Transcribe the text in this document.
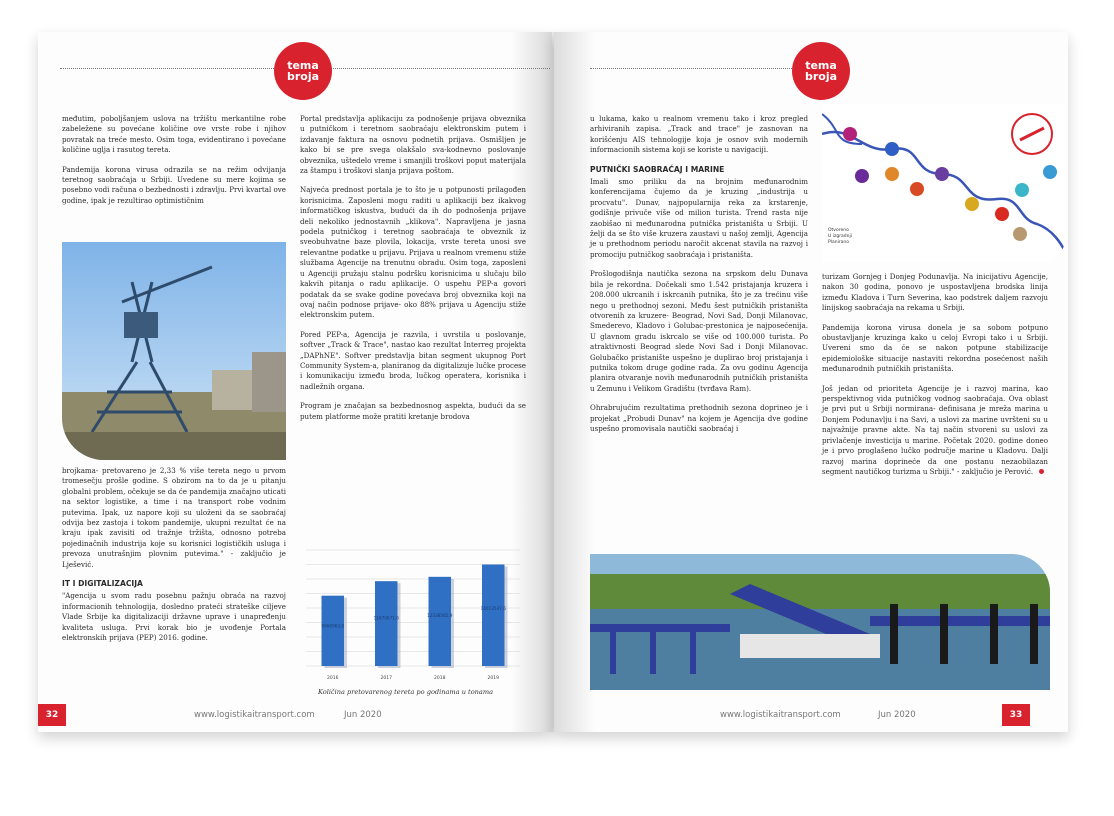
tema broja

međutim, poboljšanjem uslova na tržištu merkantilne robe zabeležene su povećane količine ove vrste robe i njihov povratak na treće mesto. Osim toga, evidentirano i povećane količine uglja i rasutog tereta.

Pandemija korona virusa odrazila se na režim odvijanja teretnog saobraćaja u Srbiji. Uvedene su mere kojima se posebno vodi računa o bezbednosti i zdravlju. Prvi kvartal ove godine, ipak je rezultirao optimističnim

brojkama- pretovareno je 2,33 % više tereta nego u prvom tromesečju prošle godine. S obzirom na to da je u pitanju globalni problem, očekuje se da će pandemija značajno uticati na sektor logistike, a time i na transport robe vodnim putevima. Ipak, uz napore koji su uloženi da se saobraćaj odvija bez zastoja i tokom pandemije, ukupni rezultat će na kraju ipak zavisiti od tražnje tržišta, odnosno potreba pojedinačnih industrija koje su korisnici logističkih usluga i prevoza unutrašnjim plovnim putevima." - zaključio je Lješević.

IT I DIGITALIZACIJA

"Agencija u svom radu posebnu pažnju obraća na razvoj informacionih tehnologija, dosledno prateći strateške ciljeve Vlade Srbije ka digitalizaciji državne uprave i unapređenju kvaliteta usluga. Prvi korak bio je uvođenje Portala elektronskih prijava (PEP) 2016. godine.

Portal predstavlja aplikaciju za podnošenje prijava obveznika u putničkom i teretnom saobraćaju elektronskim putem i izdavanje faktura na osnovu podnetih prijava. Osmišljen je kako bi se pre svega olakšalo sva-kodnevno poslovanje obveznika, uštedelo vreme i smanjili troškovi poput materijala za štampu i troškovi slanja prijava poštom.

Najveća prednost portala je to što je u potpunosti prilagođen korisnicima. Zaposleni mogu raditi u aplikaciji bez ikakvog informatičkog iskustva, budući da ih do podnošenja prijave deli nekoliko jednostavnih „klikova". Napravljena je jasna podela putničkog i teretnog saobraćaja te obveznik iz sveobuhvatne baze plovila, lokacija, vrste tereta unosi sve relevantne podatke u prijavu. Prijava u realnom vremenu stiže službama Agencije na trenutnu obradu. Osim toga, zaposleni u Agenciji pružaju stalnu podršku korisnicima u slučaju bilo kakvih pitanja o radu aplikacije. O uspehu PEP-a govori podatak da se svake godine povećava broj obveznika koji na ovaj način podnose prijave- oko 88% prijava u Agenciju stiže elektronskim putem.

Pored PEP-a, Agencija je razvila, i uvrstila u poslovanje, softver „Track & Trace", nastao kao rezultat Interreg projekta „DAPhNE". Softver predstavlja bitan segment ukupnog Port Community System-a, planiranog da digitalizuje lučke procese i komunikaciju između broda, lučkog operatera, korisnika i nadležnih organa.

Program je značajan sa bezbednosnog aspekta, budući da se putem platforme može pratiti kretanje brodova

9666963,8
2016
11670671,6
2017
12338562,9
2018
14013547,6
2019
Količina pretovarenog tereta po godinama u tonama
32	www.logistikaitransport.com	Jun 2020
tema broja

u lukama, kako u realnom vremenu tako i kroz pregled arhiviranih zapisa. „Track and trace" je zasnovan na korišćenju AIS tehnologije koja je osnov svih modernih informacionih sistema koji se koriste u navigaciji.

PUTNIČKI SAOBRAĆAJ I MARINE

Imali smo priliku da na brojnim međunarodnim konferencijama čujemo da je kruzing „industrija u procvatu". Dunav, najpopularnija reka za krstarenje, godišnje privuče više od milion turista. Trend rasta nije zaobišao ni međunarodna putnička pristaništa u Srbiji. U želji da se što više kruzera zaustavi u našoj zemlji, Agencija je u prethodnom periodu naročit akcenat stavila na razvoj i promociju putničkog saobraćaja i pristaništa.

Prošlogodišnja nautička sezona na srpskom delu Dunava bila je rekordna. Dočekali smo 1.542 pristajanja kruzera i 208.000 ukrcanih i iskrcanih putnika, što je za trećinu više nego u prethodnoj sezoni. Među šest putničkih pristaništa otvorenih za kruzere- Beograd, Novi Sad, Donji Milanovac, Smederevo, Kladovo i Golubac-prestonica je najposećenija. U glavnom gradu iskrcalo se više od 100.000 turista. Po atraktivnosti Beograd slede Novi Sad i Donji Milanovac. Golubačko pristanište uspešno je duplirao broj pristajanja i putnika tokom druge godine rada. Za ovu godinu Agencija planira otvaranje novih međunarodnih putničkih pristaništa u Zemunu i Velikom Gradištu (tvrđava Ram).

Ohrabrujućim rezultatima prethodnih sezona doprineo je i projekat „Probudi Dunav" na kojem je Agencija dve godine uspešno promovisala nautički saobraćaj i

Otvoreno
U izgradnji
Planirano

turizam Gornjeg i Donjeg Podunavlja. Na inicijativu Agencije, nakon 30 godina, ponovo je uspostavljena brodska linija između Kladova i Turn Severina, kao podstrek daljem razvoju linijskog saobraćaja na rekama u Srbiji.

Pandemija korona virusa donela je sa sobom potpuno obustavljanje kruzinga kako u celoj Evropi tako i u Srbiji. Uvereni smo da će se nakon potpune stabilizacije epidemiološke situacije nastaviti rekordna posećenost naših međunarodnih putničkih pristaništa.

Još jedan od prioriteta Agencije je i razvoj marina, kao perspektivnog vida putničkog vodnog saobraćaja. Ova oblast je prvi put u Srbiji normirana- definisana je mreža marina u Donjem Podunavlju i na Savi, a uslovi za marine uvršteni su u najvažnije pravne akte. Na taj način stvoreni su uslovi za privlačenje investicija u marine. Početak 2020. godine doneo je i prvo proglašeno lučko područje marine u Kladovu. Dalji razvoj marina doprineće da one postanu nezaobilazan segment nautičkog turizma u Srbiji." - zaključio je Perović.

www.logistikaitransport.com	Jun 2020	33
